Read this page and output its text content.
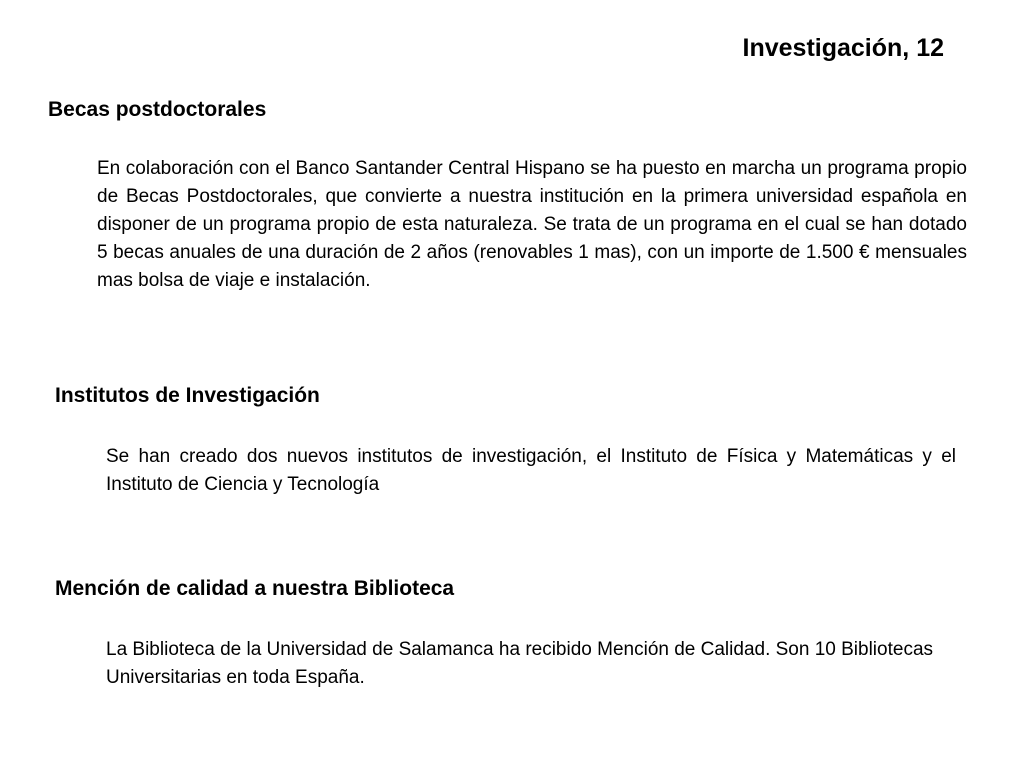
Investigación, 12
Becas postdoctorales

En colaboración con el Banco Santander Central Hispano se ha puesto en marcha un programa propio de Becas Postdoctorales, que convierte a nuestra institución en la primera universidad española en disponer de un programa propio de esta naturaleza. Se trata de un programa en el cual se han dotado 5 becas anuales de una duración de 2 años (renovables 1 mas), con un importe de 1.500 € mensuales mas bolsa de viaje e instalación.

Institutos de Investigación

Se han creado dos nuevos institutos de investigación, el Instituto de Física y Matemáticas y el Instituto de Ciencia y Tecnología

Mención de calidad a nuestra Biblioteca

La Biblioteca de la Universidad de Salamanca ha recibido Mención de Calidad. Son 10 Bibliotecas Universitarias en toda España.
